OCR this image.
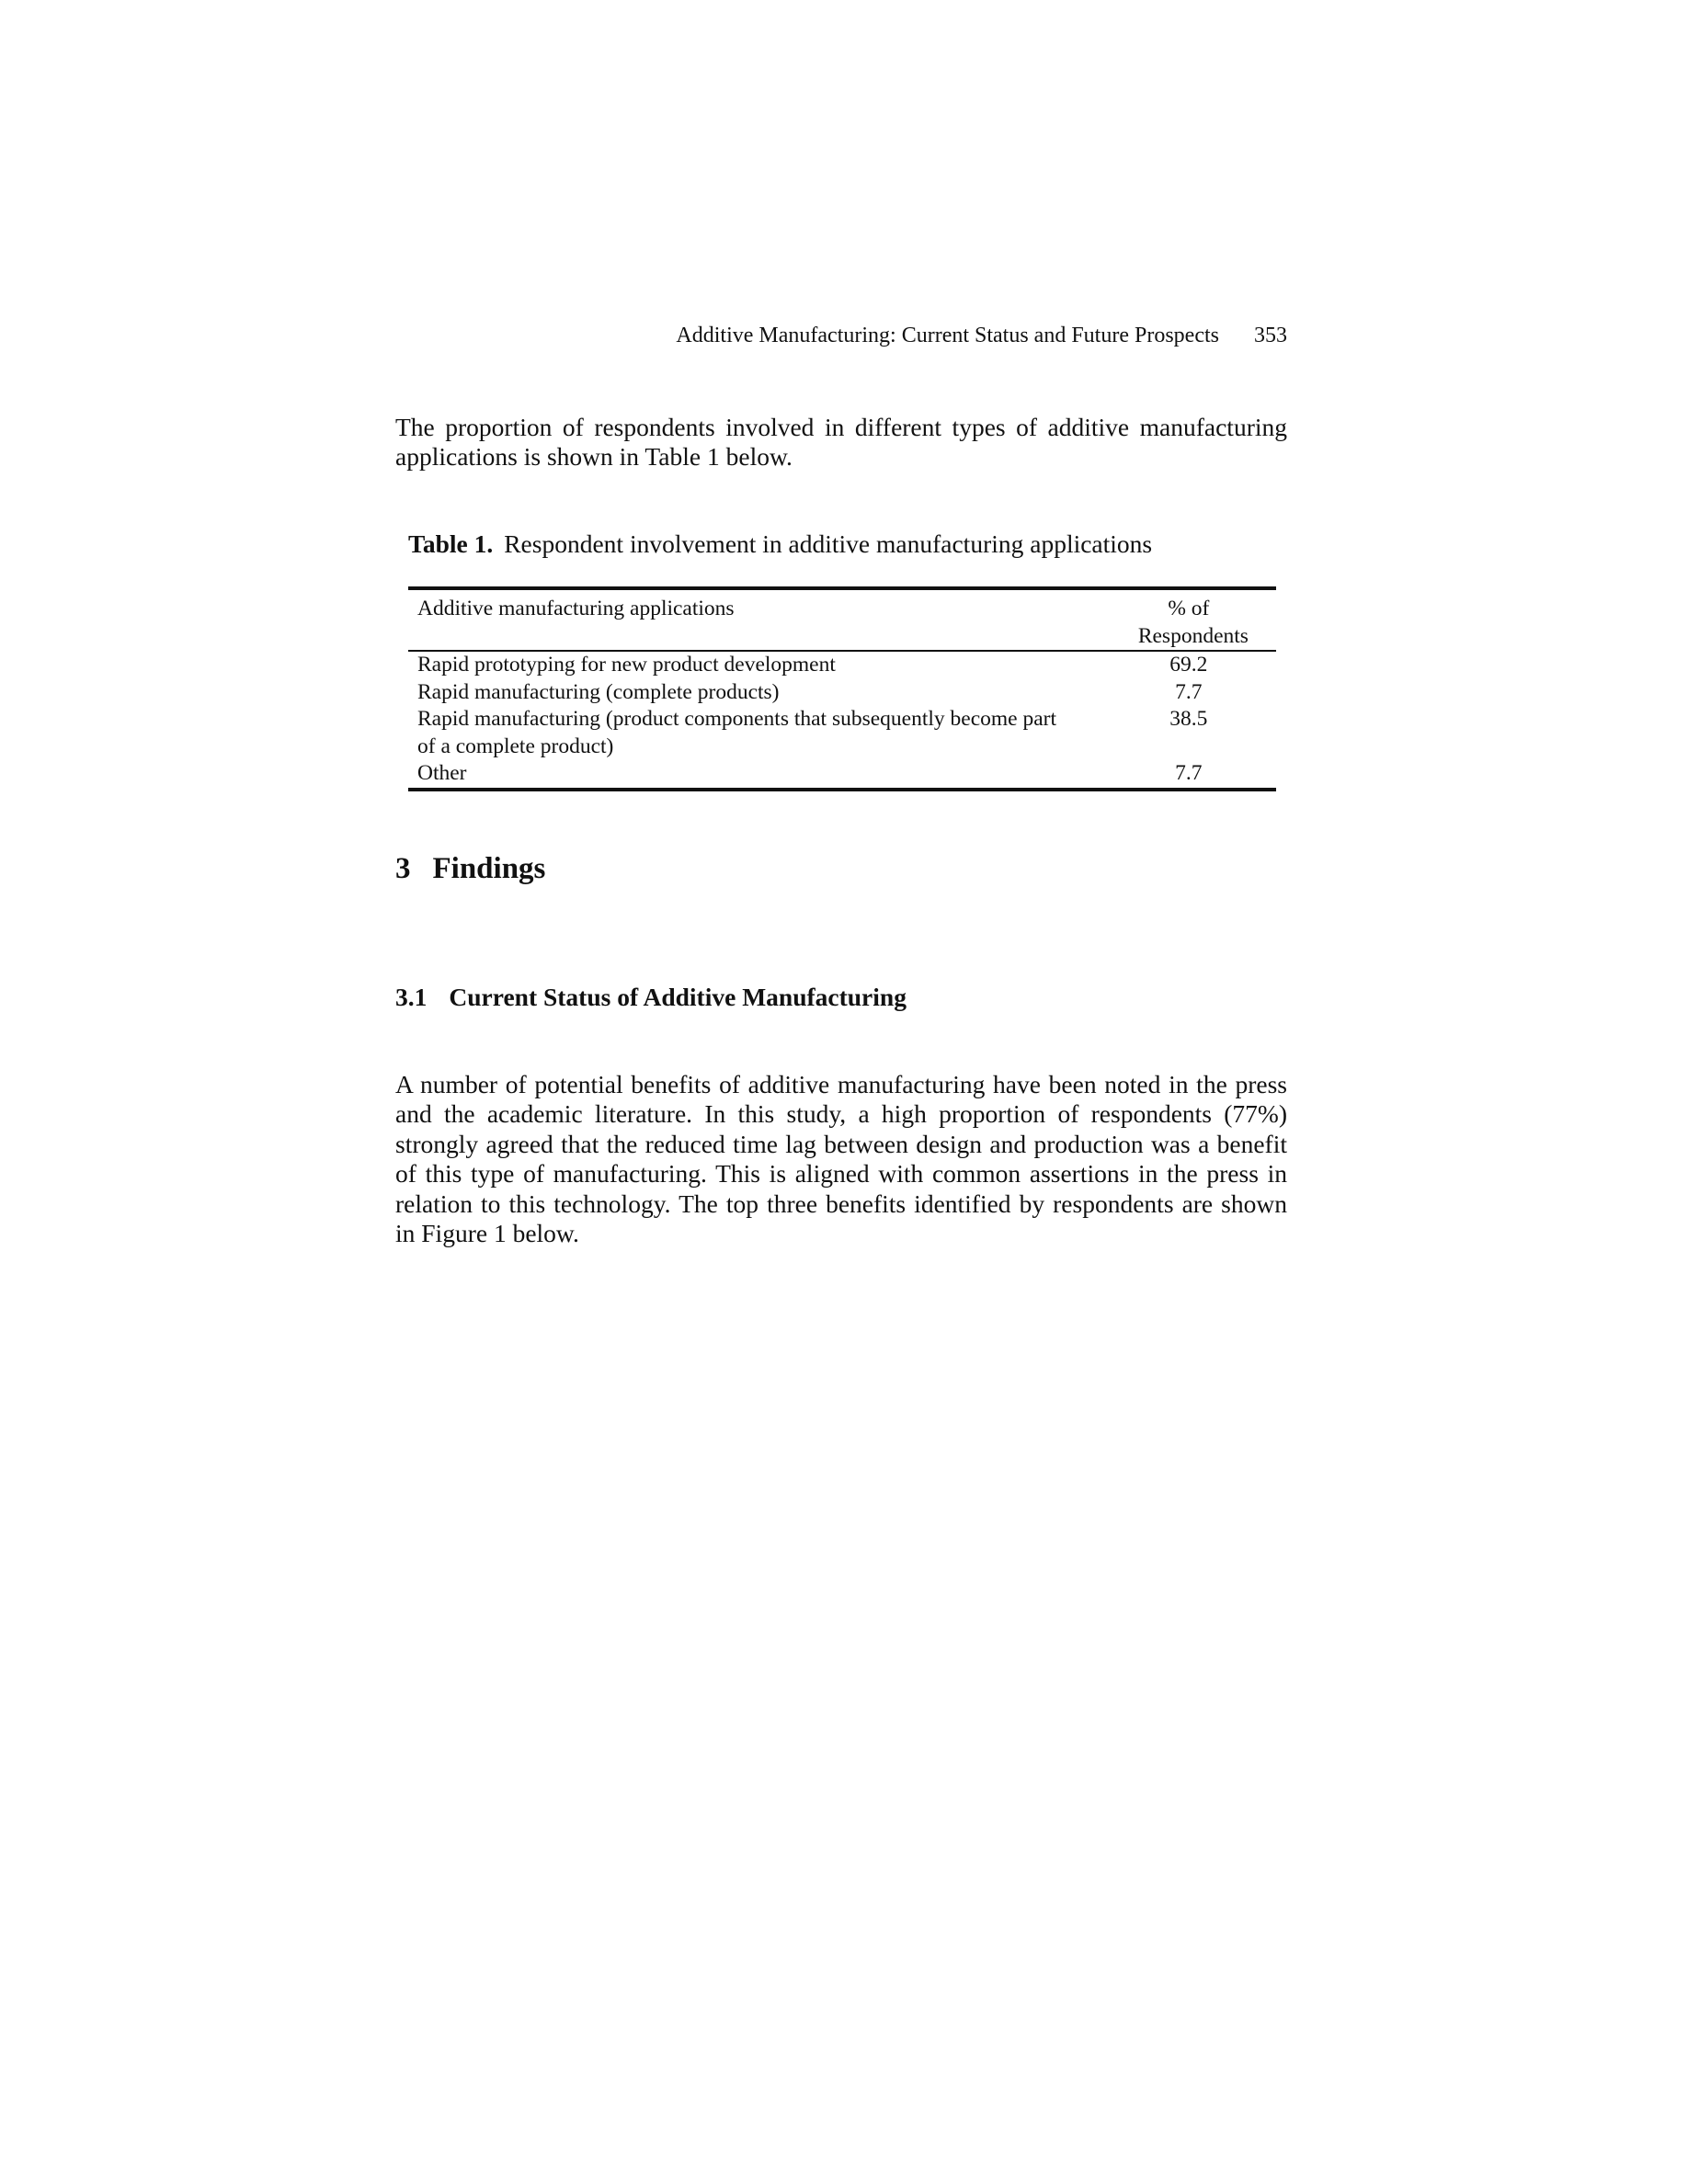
Additive Manufacturing: Current Status and Future Prospects 353

The proportion of respondents involved in different types of additive manufacturing applications is shown in Table 1 below.

Table 1. Respondent involvement in additive manufacturing applications

Additive manufacturing applications	% of Respondents
Rapid prototyping for new product development	69.2
Rapid manufacturing (complete products)	7.7
Rapid manufacturing (product components that subsequently become part of a complete product)	38.5
Other	7.7
3 Findings
3.1 Current Status of Additive Manufacturing

A number of potential benefits of additive manufacturing have been noted in the press and the academic literature. In this study, a high proportion of respondents (77%) strongly agreed that the reduced time lag between design and production was a benefit of this type of manufacturing. This is aligned with common assertions in the press in relation to this technology. The top three benefits identified by respondents are shown in Figure 1 below.
